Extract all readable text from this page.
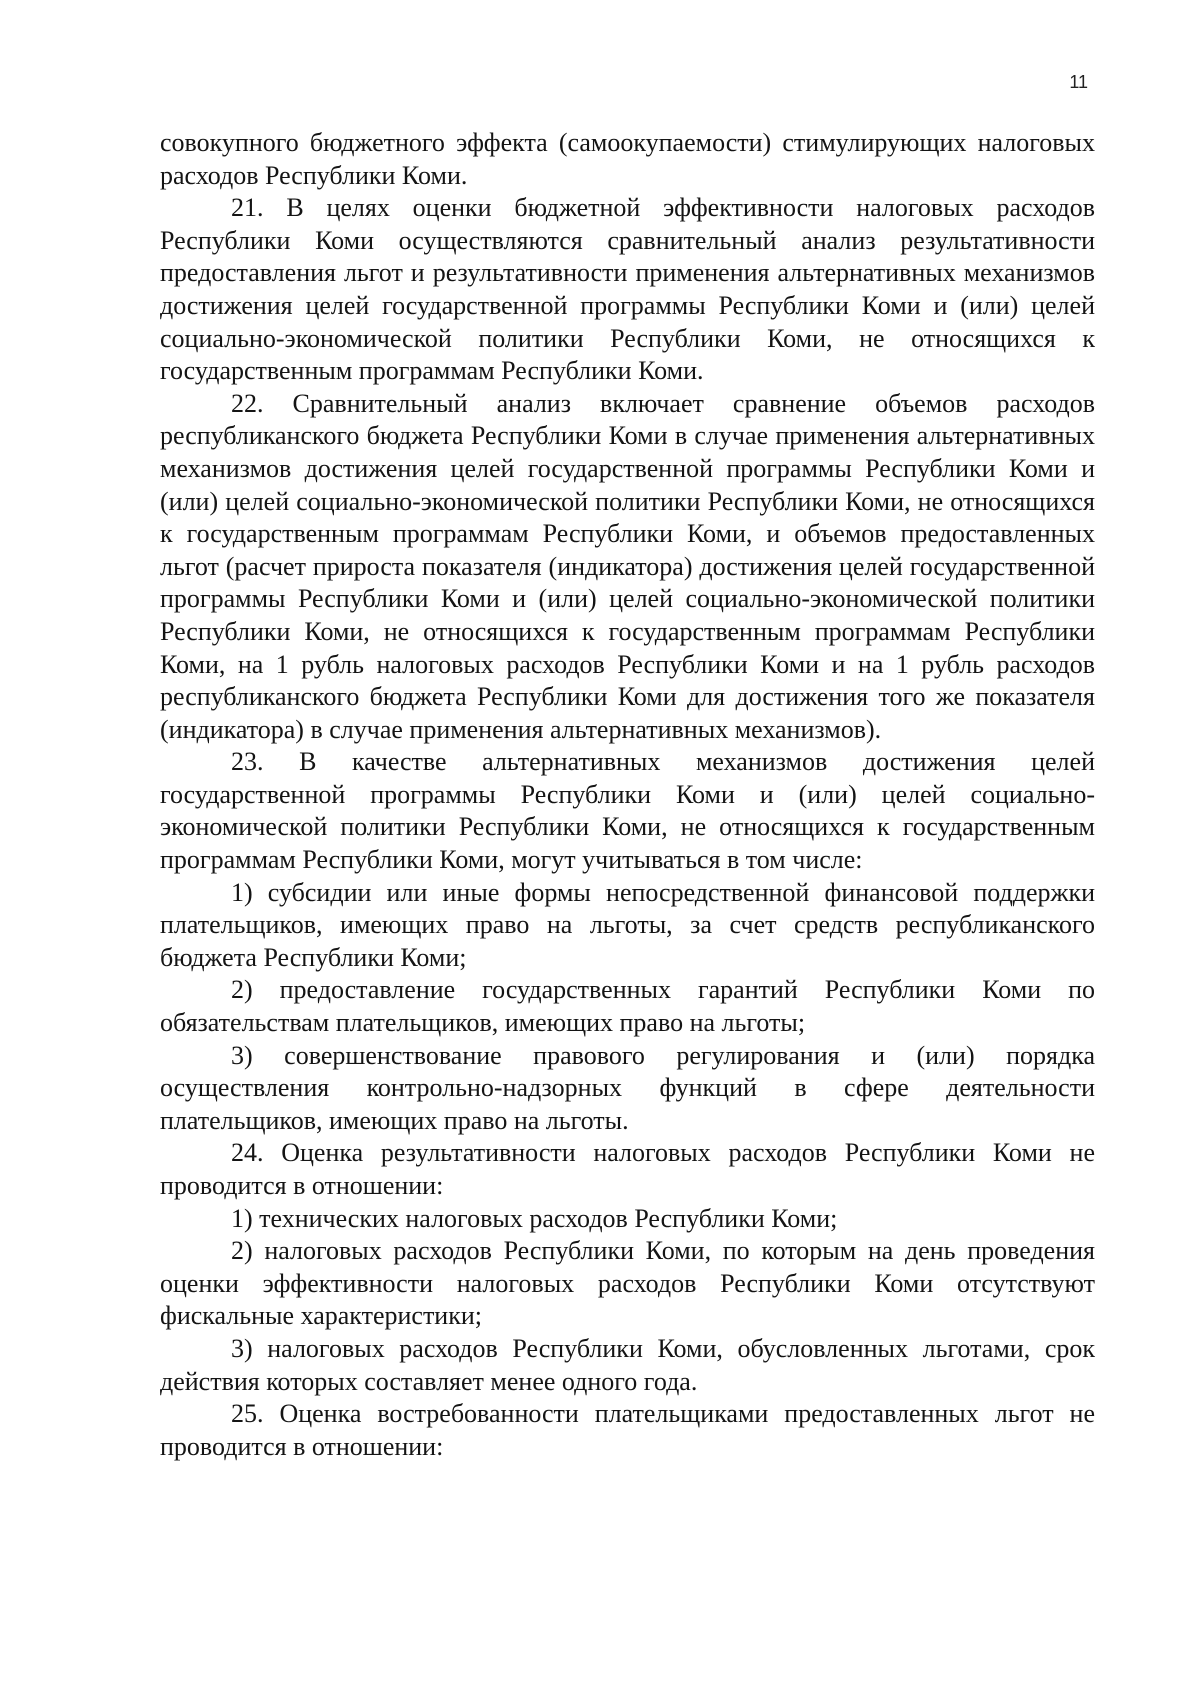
11

совокупного бюджетного эффекта (самоокупаемости) стимулирующих налоговых расходов Республики Коми.

21. В целях оценки бюджетной эффективности налоговых расходов Республики Коми осуществляются сравнительный анализ результативности предоставления льгот и результативности применения альтернативных механизмов достижения целей государственной программы Республики Коми и (или) целей социально-экономической политики Республики Коми, не относящихся к государственным программам Республики Коми.

22. Сравнительный анализ включает сравнение объемов расходов республиканского бюджета Республики Коми в случае применения альтернативных механизмов достижения целей государственной программы Республики Коми и (или) целей социально-экономической политики Республики Коми, не относящихся к государственным программам Республики Коми, и объемов предоставленных льгот (расчет прироста показателя (индикатора) достижения целей государственной программы Республики Коми и (или) целей социально-экономической политики Республики Коми, не относящихся к государственным программам Республики Коми, на 1 рубль налоговых расходов Республики Коми и на 1 рубль расходов республиканского бюджета Республики Коми для достижения того же показателя (индикатора) в случае применения альтернативных механизмов).

23. В качестве альтернативных механизмов достижения целей государственной программы Республики Коми и (или) целей социально-экономической политики Республики Коми, не относящихся к государственным программам Республики Коми, могут учитываться в том числе:

1) субсидии или иные формы непосредственной финансовой поддержки плательщиков, имеющих право на льготы, за счет средств республиканского бюджета Республики Коми;

2) предоставление государственных гарантий Республики Коми по обязательствам плательщиков, имеющих право на льготы;

3) совершенствование правового регулирования и (или) порядка осуществления контрольно-надзорных функций в сфере деятельности плательщиков, имеющих право на льготы.

24. Оценка результативности налоговых расходов Республики Коми не проводится в отношении:

1) технических налоговых расходов Республики Коми;

2) налоговых расходов Республики Коми, по которым на день проведения оценки эффективности налоговых расходов Республики Коми отсутствуют фискальные характеристики;

3) налоговых расходов Республики Коми, обусловленных льготами, срок действия которых составляет менее одного года.

25. Оценка востребованности плательщиками предоставленных льгот не проводится в отношении:
